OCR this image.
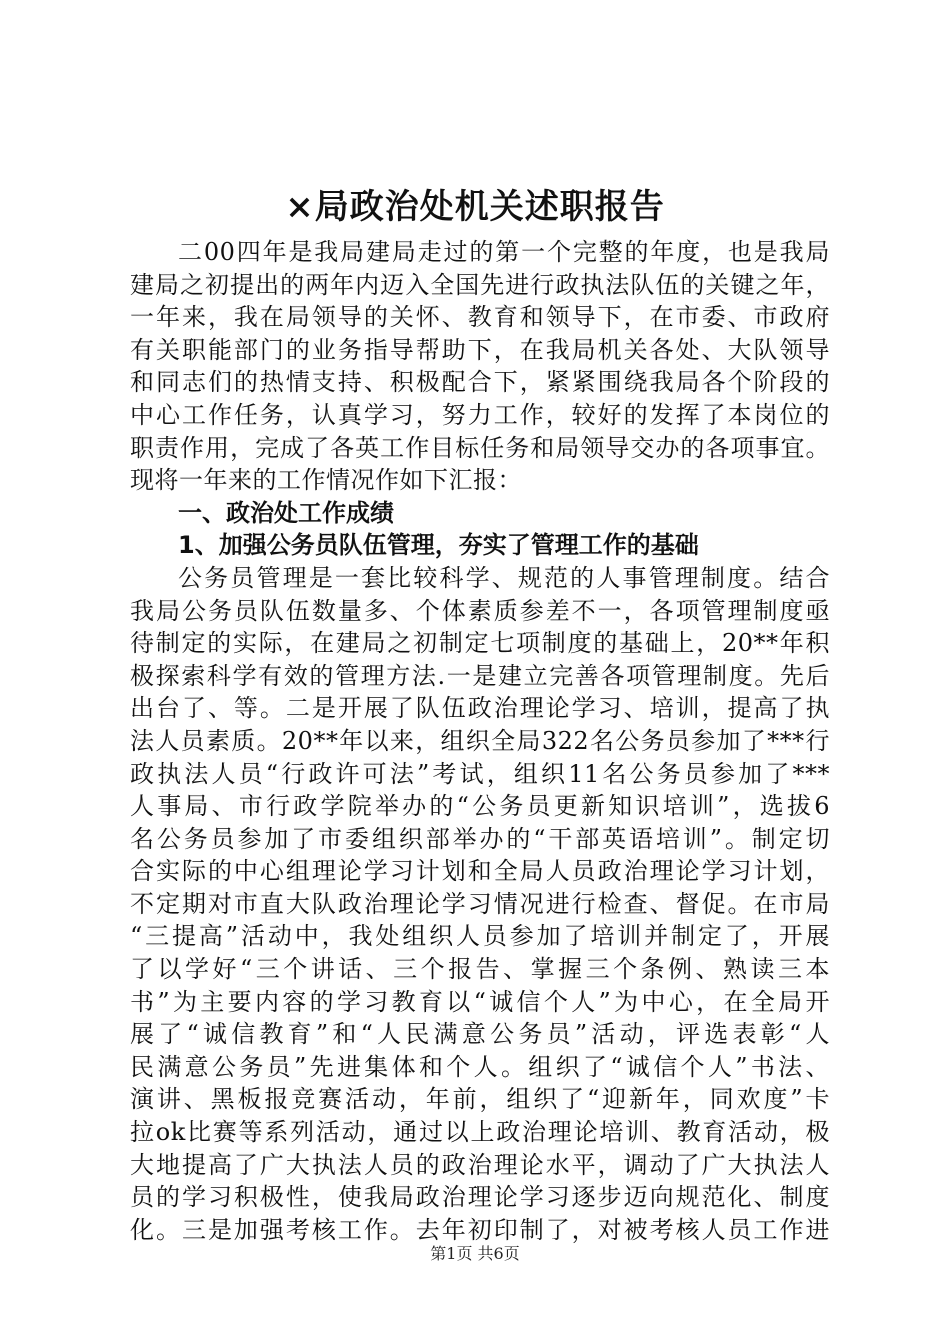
×局政治处机关述职报告
二00四年是我局建局走过的第一个完整的年度，也是我局
建局之初提出的两年内迈入全国先进行政执法队伍的关键之年，
一年来，我在局领导的关怀、教育和领导下，在市委、市政府
有关职能部门的业务指导帮助下，在我局机关各处、大队领导
和同志们的热情支持、积极配合下，紧紧围绕我局各个阶段的
中心工作任务，认真学习，努力工作，较好的发挥了本岗位的
职责作用，完成了各英工作目标任务和局领导交办的各项事宜。
现将一年来的工作情况作如下汇报：
一、政治处工作成绩
1、加强公务员队伍管理，夯实了管理工作的基础
公务员管理是一套比较科学、规范的人事管理制度。结合
我局公务员队伍数量多、个体素质参差不一，各项管理制度亟
待制定的实际，在建局之初制定七项制度的基础上，20**年积
极探索科学有效的管理方法.一是建立完善各项管理制度。先后
出台了、等。二是开展了队伍政治理论学习、培训，提高了执
法人员素质。20**年以来，组织全局322名公务员参加了***行
政执法人员“行政许可法”考试，组织11名公务员参加了***
人事局、市行政学院举办的“公务员更新知识培训”，选拔6
名公务员参加了市委组织部举办的“干部英语培训”。制定切
合实际的中心组理论学习计划和全局人员政治理论学习计划，
不定期对市直大队政治理论学习情况进行检查、督促。在市局
“三提高”活动中，我处组织人员参加了培训并制定了，开展
了以学好“三个讲话、三个报告、掌握三个条例、熟读三本
书”为主要内容的学习教育以“诚信个人”为中心，在全局开
展了“诚信教育”和“人民满意公务员”活动，评选表彰“人
民满意公务员”先进集体和个人。组织了“诚信个人”书法、
演讲、黑板报竞赛活动，年前，组织了“迎新年，同欢度”卡
拉ok比赛等系列活动，通过以上政治理论培训、教育活动，极
大地提高了广大执法人员的政治理论水平，调动了广大执法人
员的学习积极性，使我局政治理论学习逐步迈向规范化、制度
化。三是加强考核工作。去年初印制了，对被考核人员工作进
第1页 共6页
